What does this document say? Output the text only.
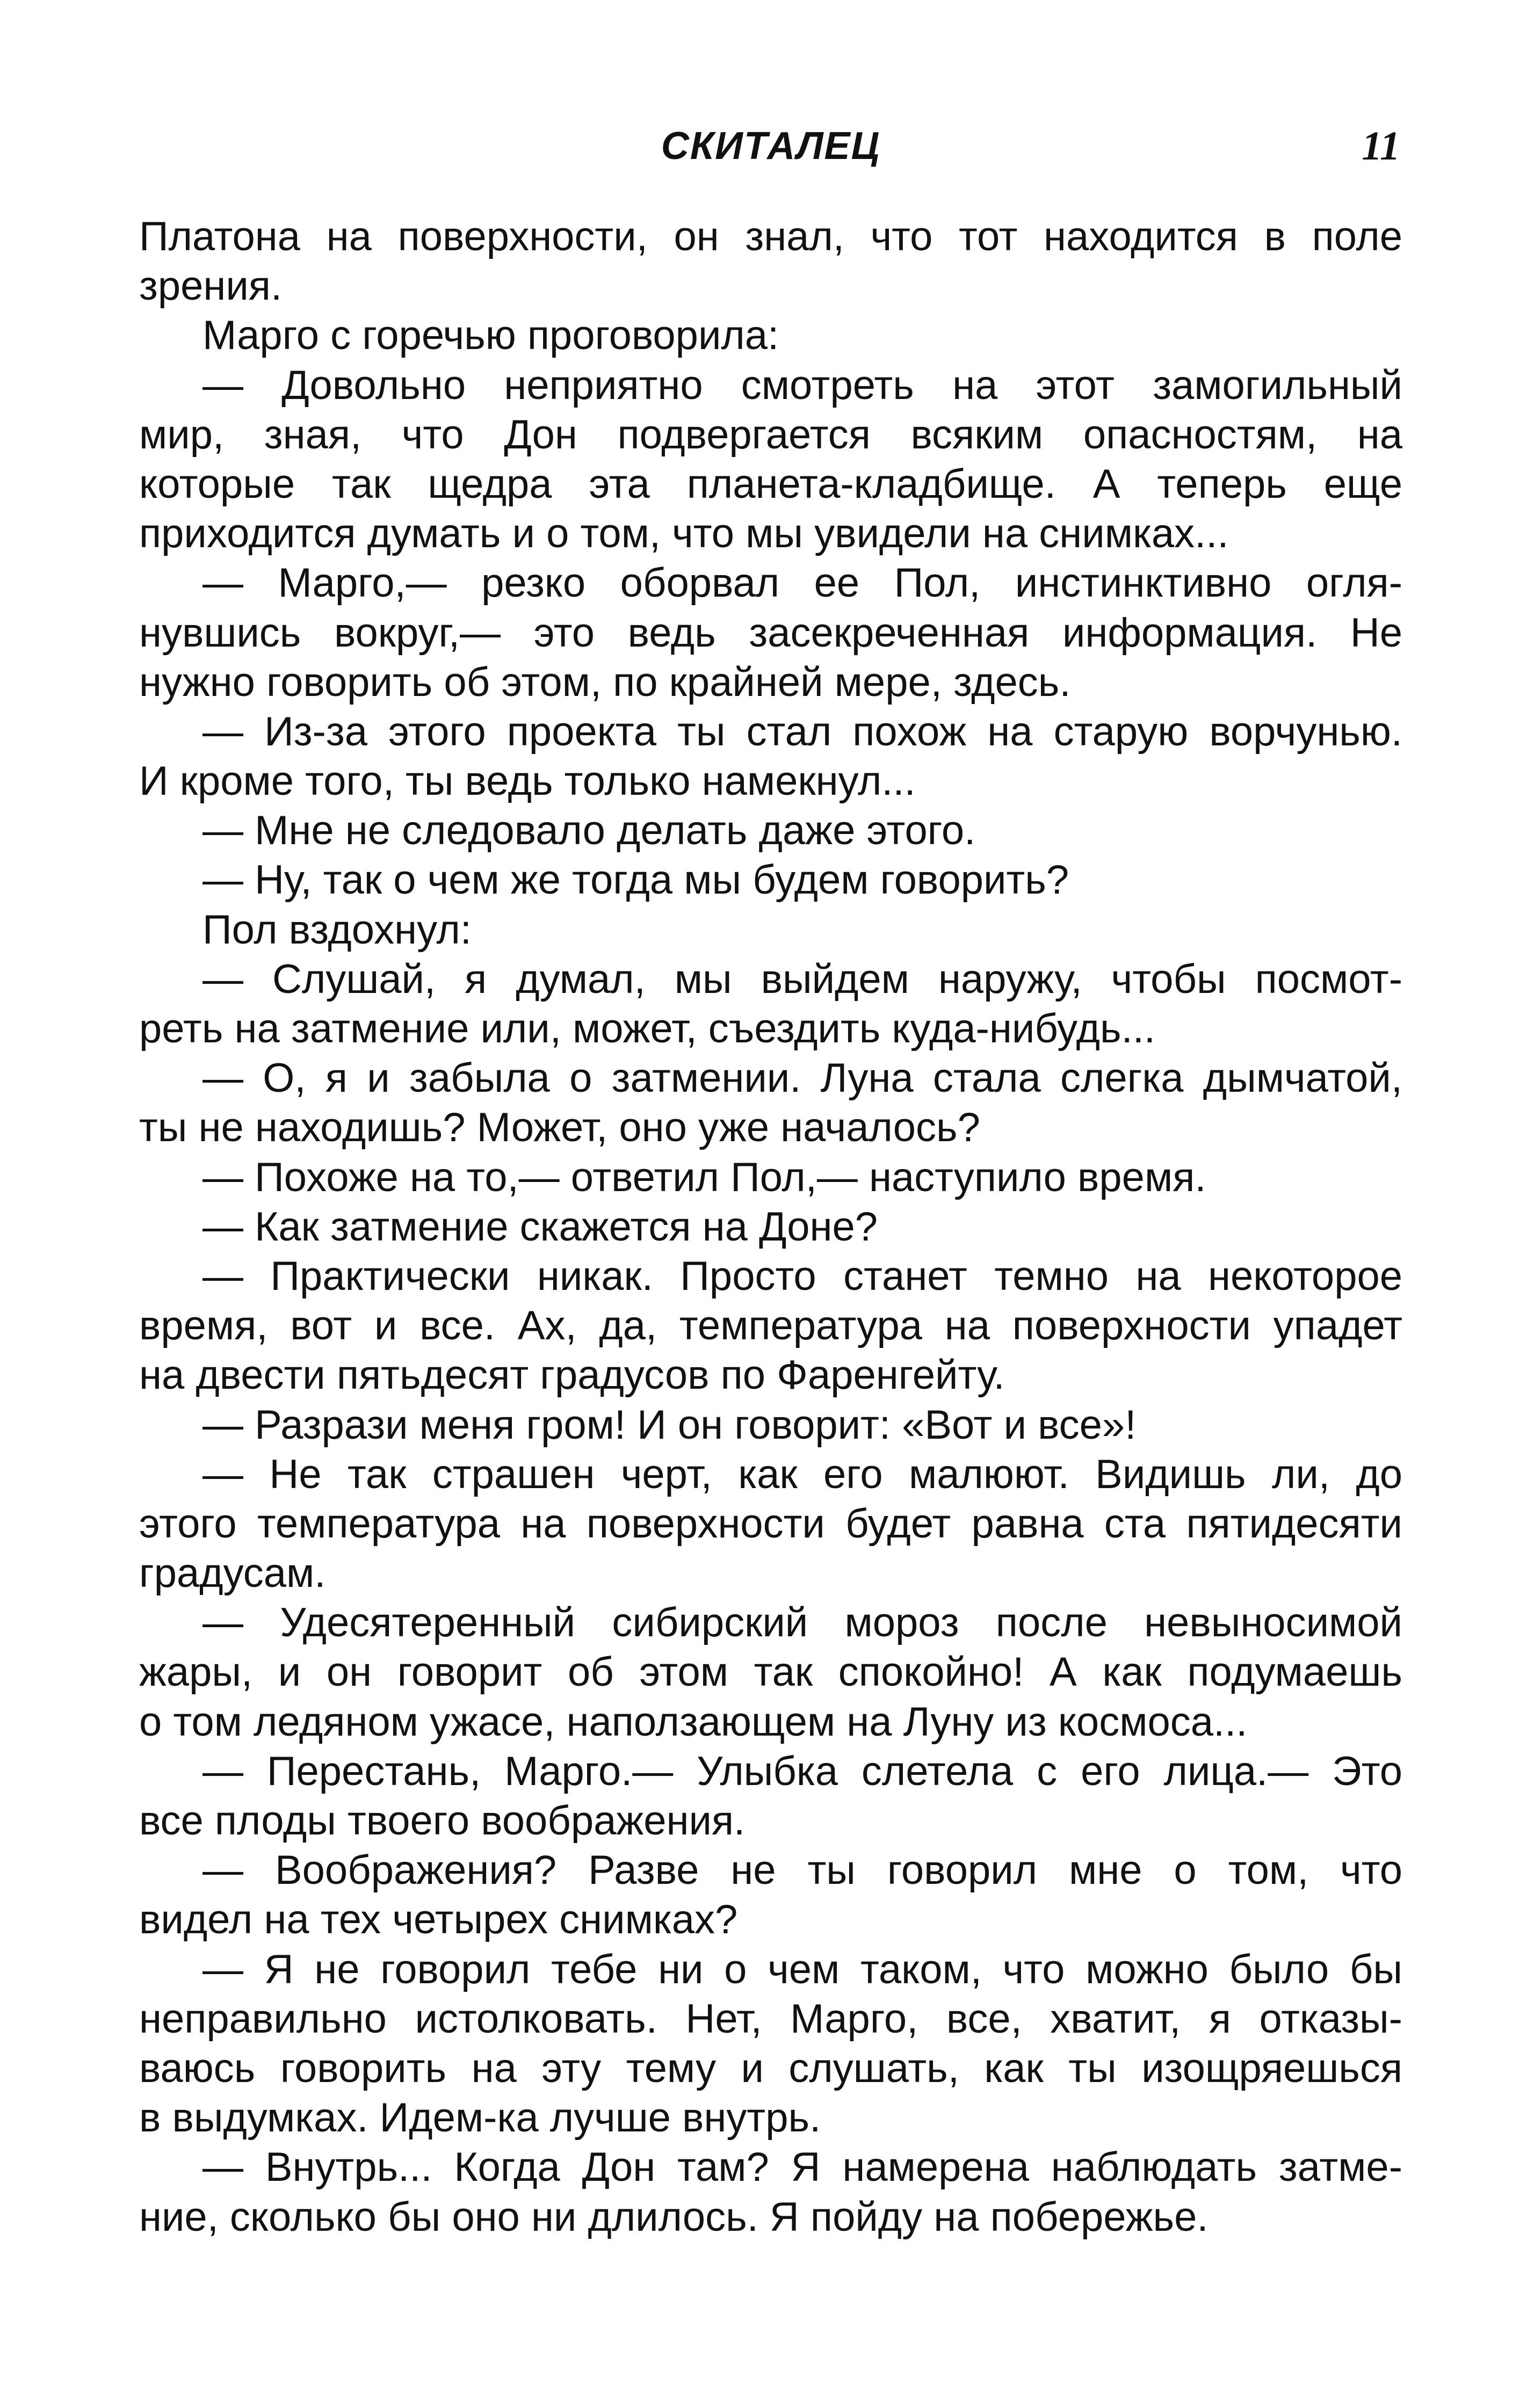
СКИТАЛЕЦ	11
Платона на поверхности, он знал, что тот находится в поле
зрения.
Марго с горечью проговорила:
— Довольно неприятно смотреть на этот замогильный
мир, зная, что Дон подвергается всяким опасностям, на
которые так щедра эта планета-кладбище. А теперь еще
приходится думать и о том, что мы увидели на снимках...
— Марго,— резко оборвал ее Пол, инстинктивно огля-
нувшись вокруг,— это ведь засекреченная информация. Не
нужно говорить об этом, по крайней мере, здесь.
— Из-за этого проекта ты стал похож на старую ворчунью.
И кроме того, ты ведь только намекнул...
— Мне не следовало делать даже этого.
— Ну, так о чем же тогда мы будем говорить?
Пол вздохнул:
— Слушай, я думал, мы выйдем наружу, чтобы посмот-
реть на затмение или, может, съездить куда-нибудь...
— О, я и забыла о затмении. Луна стала слегка дымчатой,
ты не находишь? Может, оно уже началось?
— Похоже на то,— ответил Пол,— наступило время.
— Как затмение скажется на Доне?
— Практически никак. Просто станет темно на некоторое
время, вот и все. Ах, да, температура на поверхности упадет
на двести пятьдесят градусов по Фаренгейту.
— Разрази меня гром! И он говорит: «Вот и все»!
— Не так страшен черт, как его малюют. Видишь ли, до
этого температура на поверхности будет равна ста пятидесяти
градусам.
— Удесятеренный сибирский мороз после невыносимой
жары, и он говорит об этом так спокойно! А как подумаешь
о том ледяном ужасе, наползающем на Луну из космоса...
— Перестань, Марго.— Улыбка слетела с его лица.— Это
все плоды твоего воображения.
— Воображения? Разве не ты говорил мне о том, что
видел на тех четырех снимках?
— Я не говорил тебе ни о чем таком, что можно было бы
неправильно истолковать. Нет, Марго, все, хватит, я отказы-
ваюсь говорить на эту тему и слушать, как ты изощряешься
в выдумках. Идем-ка лучше внутрь.
— Внутрь... Когда Дон там? Я намерена наблюдать затме-
ние, сколько бы оно ни длилось. Я пойду на побережье.
